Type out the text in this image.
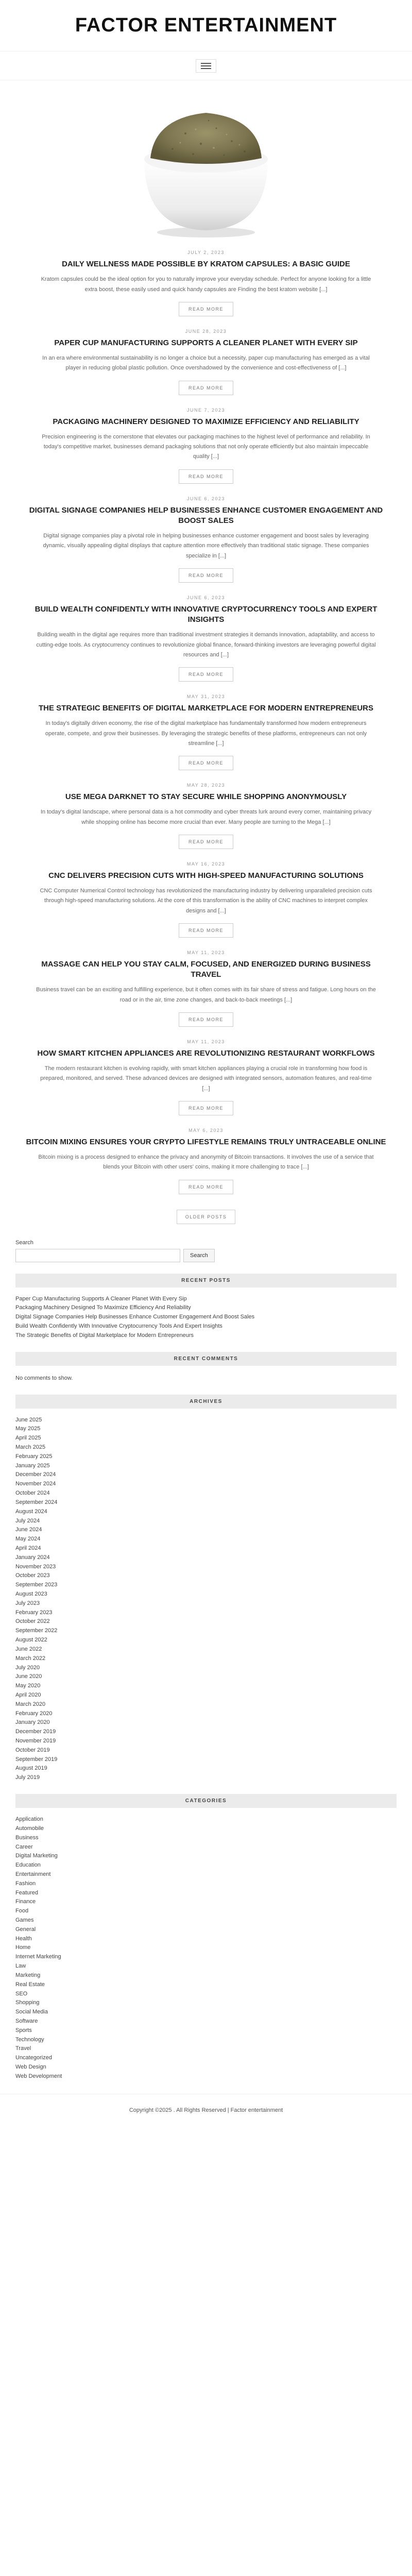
FACTOR ENTERTAINMENT
JULY 2, 2023
DAILY WELLNESS MADE POSSIBLE BY KRATOM CAPSULES: A BASIC GUIDE

Kratom capsules could be the ideal option for you to naturally improve your everyday schedule. Perfect for anyone looking for a little extra boost, these easily used and quick handy capsules are Finding the best kratom website [...]

READ MORE
JUNE 28, 2023
PAPER CUP MANUFACTURING SUPPORTS A CLEANER PLANET WITH EVERY SIP

In an era where environmental sustainability is no longer a choice but a necessity, paper cup manufacturing has emerged as a vital player in reducing global plastic pollution. Once overshadowed by the convenience and cost-effectiveness of [...]

READ MORE
JUNE 7, 2023
PACKAGING MACHINERY DESIGNED TO MAXIMIZE EFFICIENCY AND RELIABILITY

Precision engineering is the cornerstone that elevates our packaging machines to the highest level of performance and reliability. In today's competitive market, businesses demand packaging solutions that not only operate efficiently but also maintain impeccable quality [...]

READ MORE
JUNE 6, 2023
DIGITAL SIGNAGE COMPANIES HELP BUSINESSES ENHANCE CUSTOMER ENGAGEMENT AND BOOST SALES

Digital signage companies play a pivotal role in helping businesses enhance customer engagement and boost sales by leveraging dynamic, visually appealing digital displays that capture attention more effectively than traditional static signage. These companies specialize in [...]

READ MORE
JUNE 6, 2023
BUILD WEALTH CONFIDENTLY WITH INNOVATIVE CRYPTOCURRENCY TOOLS AND EXPERT INSIGHTS

Building wealth in the digital age requires more than traditional investment strategies it demands innovation, adaptability, and access to cutting-edge tools. As cryptocurrency continues to revolutionize global finance, forward-thinking investors are leveraging powerful digital resources and [...]

READ MORE
MAY 31, 2023
THE STRATEGIC BENEFITS OF DIGITAL MARKETPLACE FOR MODERN ENTREPRENEURS

In today's digitally driven economy, the rise of the digital marketplace has fundamentally transformed how modern entrepreneurs operate, compete, and grow their businesses. By leveraging the strategic benefits of these platforms, entrepreneurs can not only streamline [...]

READ MORE
MAY 28, 2023
USE MEGA DARKNET TO STAY SECURE WHILE SHOPPING ANONYMOUSLY

In today's digital landscape, where personal data is a hot commodity and cyber threats lurk around every corner, maintaining privacy while shopping online has become more crucial than ever. Many people are turning to the Mega [...]

READ MORE
MAY 16, 2023
CNC DELIVERS PRECISION CUTS WITH HIGH-SPEED MANUFACTURING SOLUTIONS

CNC Computer Numerical Control technology has revolutionized the manufacturing industry by delivering unparalleled precision cuts through high-speed manufacturing solutions. At the core of this transformation is the ability of CNC machines to interpret complex designs and [...]

READ MORE
MAY 11, 2023
MASSAGE CAN HELP YOU STAY CALM, FOCUSED, AND ENERGIZED DURING BUSINESS TRAVEL

Business travel can be an exciting and fulfilling experience, but it often comes with its fair share of stress and fatigue. Long hours on the road or in the air, time zone changes, and back-to-back meetings [...]

READ MORE
MAY 11, 2023
HOW SMART KITCHEN APPLIANCES ARE REVOLUTIONIZING RESTAURANT WORKFLOWS

The modern restaurant kitchen is evolving rapidly, with smart kitchen appliances playing a crucial role in transforming how food is prepared, monitored, and served. These advanced devices are designed with integrated sensors, automation features, and real-time [...]

READ MORE
MAY 6, 2023
BITCOIN MIXING ENSURES YOUR CRYPTO LIFESTYLE REMAINS TRULY UNTRACEABLE ONLINE

Bitcoin mixing is a process designed to enhance the privacy and anonymity of Bitcoin transactions. It involves the use of a service that blends your Bitcoin with other users' coins, making it more challenging to trace [...]

READ MORE
OLDER POSTS
Search
Search
RECENT POSTS
Paper Cup Manufacturing Supports A Cleaner Planet With Every Sip
Packaging Machinery Designed To Maximize Efficiency And Reliability
Digital Signage Companies Help Businesses Enhance Customer Engagement And Boost Sales
Build Wealth Confidently With Innovative Cryptocurrency Tools And Expert Insights
The Strategic Benefits of Digital Marketplace for Modern Entrepreneurs
RECENT COMMENTS
No comments to show.
ARCHIVES
June 2025
May 2025
April 2025
March 2025
February 2025
January 2025
December 2024
November 2024
October 2024
September 2024
August 2024
July 2024
June 2024
May 2024
April 2024
January 2024
November 2023
October 2023
September 2023
August 2023
July 2023
February 2023
October 2022
September 2022
August 2022
June 2022
March 2022
July 2020
June 2020
May 2020
April 2020
March 2020
February 2020
January 2020
December 2019
November 2019
October 2019
September 2019
August 2019
July 2019
CATEGORIES
Application
Automobile
Business
Career
Digital Marketing
Education
Entertainment
Fashion
Featured
Finance
Food
Games
General
Health
Home
Internet Marketing
Law
Marketing
Real Estate
SEO
Shopping
Social Media
Software
Sports
Technology
Travel
Uncategorized
Web Design
Web Development
Copyright ©2025 . All Rights Reserved | Factor entertainment
